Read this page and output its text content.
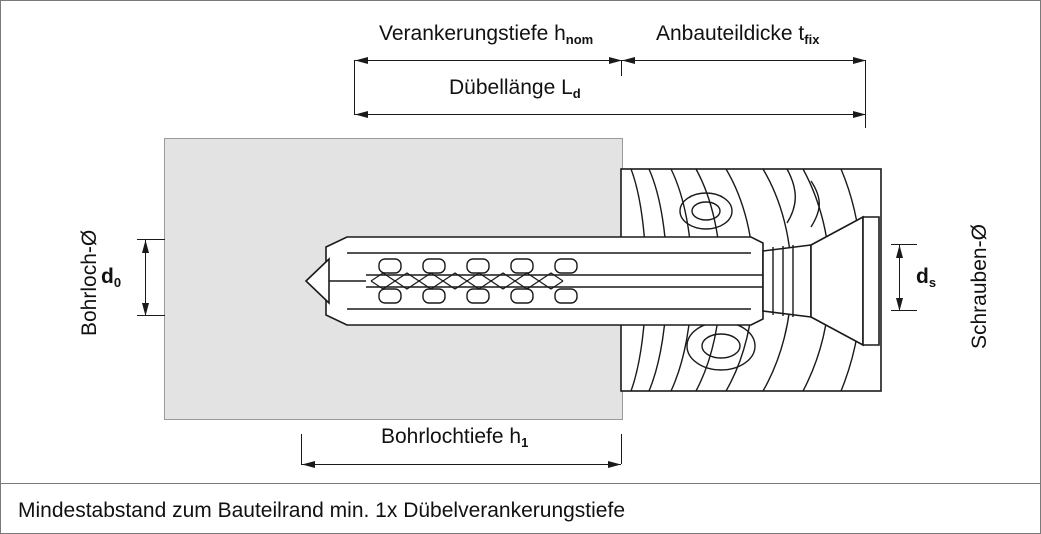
Verankerungstiefe $h_{nom}$	Anbauteildicke $t_{fix}$
Dübellänge $L_d$
Bohrloch-Ø $d_0$	Schrauben-Ø
$d_s$
Bohrlochtiefe $h_1$
Mindestabstand zum Bauteilrand min. 1x Dübelverankerungstiefe
